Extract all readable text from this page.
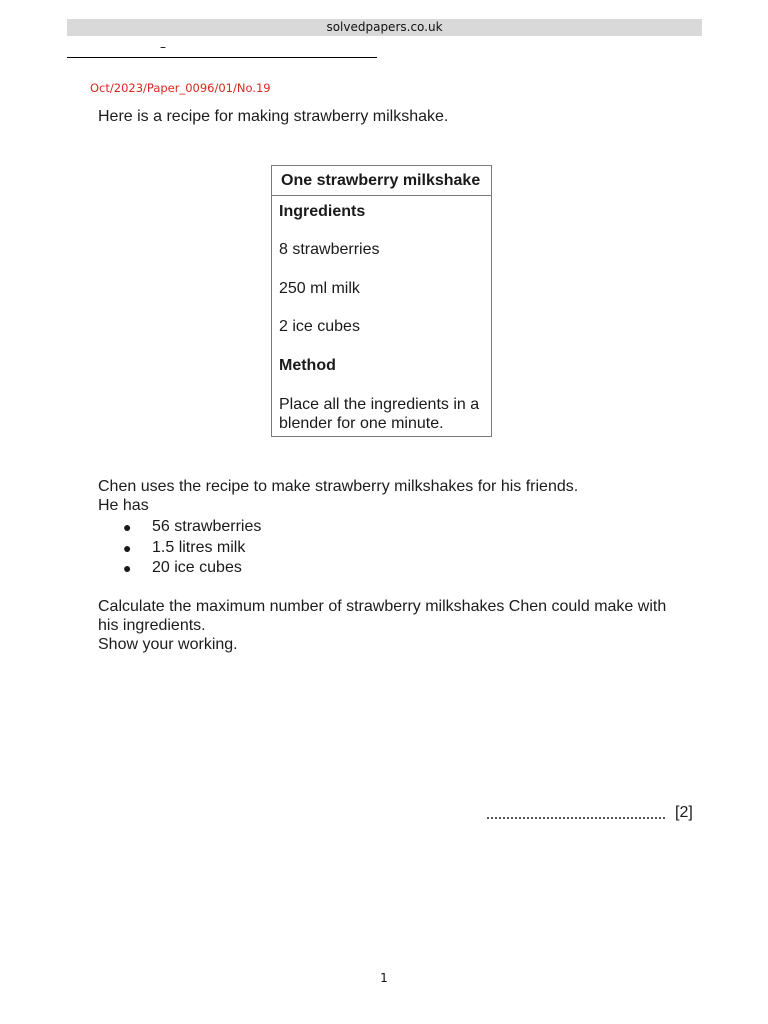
solvedpapers.co.uk
–
Oct/2023/Paper_0096/01/No.19
Here is a recipe for making strawberry milkshake.
One strawberry milkshake
Ingredients
8 strawberries
250 ml milk
2 ice cubes
Method
Place all the ingredients in a
blender for one minute.
Chen uses the recipe to make strawberry milkshakes for his friends.
He has
● 56 strawberries
● 1.5 litres milk
● 20 ice cubes
Calculate the maximum number of strawberry milkshakes Chen could make with
his ingredients.
Show your working.
[2]
1
